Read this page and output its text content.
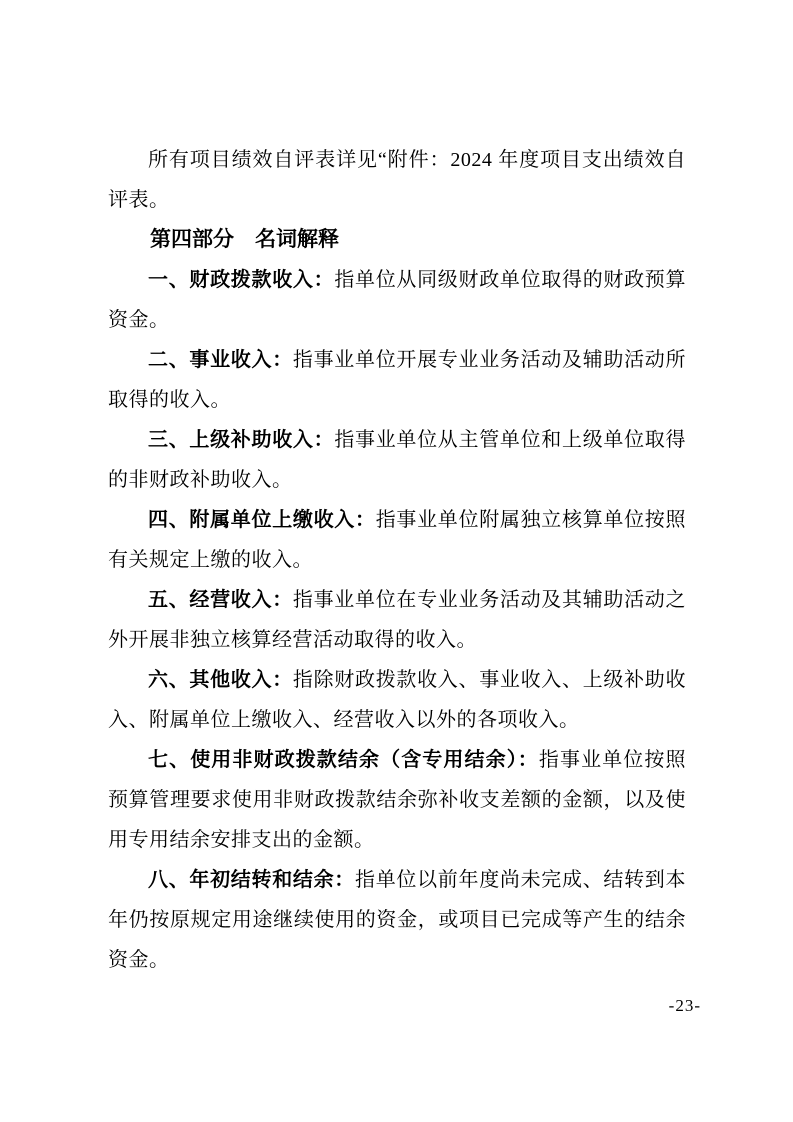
所有项目绩效自评表详见“附件：2024 年度项目支出绩效自评表。

第四部分　名词解释

一、财政拨款收入：指单位从同级财政单位取得的财政预算资金。

二、事业收入：指事业单位开展专业业务活动及辅助活动所取得的收入。

三、上级补助收入：指事业单位从主管单位和上级单位取得的非财政补助收入。

四、附属单位上缴收入：指事业单位附属独立核算单位按照有关规定上缴的收入。

五、经营收入：指事业单位在专业业务活动及其辅助活动之外开展非独立核算经营活动取得的收入。

六、其他收入：指除财政拨款收入、事业收入、上级补助收入、附属单位上缴收入、经营收入以外的各项收入。

七、使用非财政拨款结余（含专用结余）：指事业单位按照预算管理要求使用非财政拨款结余弥补收支差额的金额，以及使用专用结余安排支出的金额。

八、年初结转和结余：指单位以前年度尚未完成、结转到本年仍按原规定用途继续使用的资金，或项目已完成等产生的结余资金。

-23-
